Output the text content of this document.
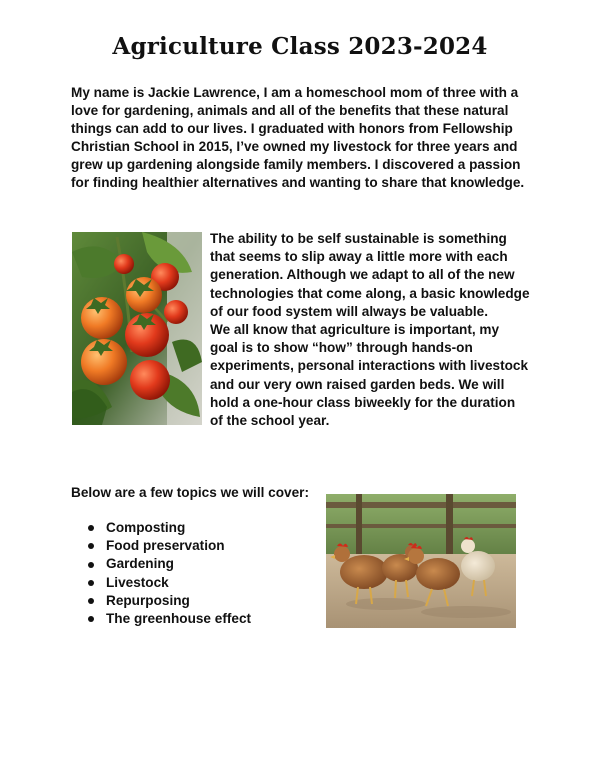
Agriculture Class 2023-2024

My name is Jackie Lawrence, I am a homeschool mom of three with a love for gardening, animals and all of the benefits that these natural things can add to our lives. I graduated with honors from Fellowship Christian School in 2015, I’ve owned my livestock for three years and grew up gardening alongside family members. I discovered a passion for finding healthier alternatives and wanting to share that knowledge.

The ability to be self sustainable is something that seems to slip away a little more with each generation. Although we adapt to all of the new technologies that come along, a basic knowledge of our food system will always be valuable.

We all know that agriculture is important, my goal is to show “how” through hands-on experiments, personal interactions with livestock and our very own raised garden beds. We will hold a one-hour class biweekly for the duration of the school year.

Below are a few topics we will cover:

Composting
Food preservation
Gardening
Livestock
Repurposing
The greenhouse effect
